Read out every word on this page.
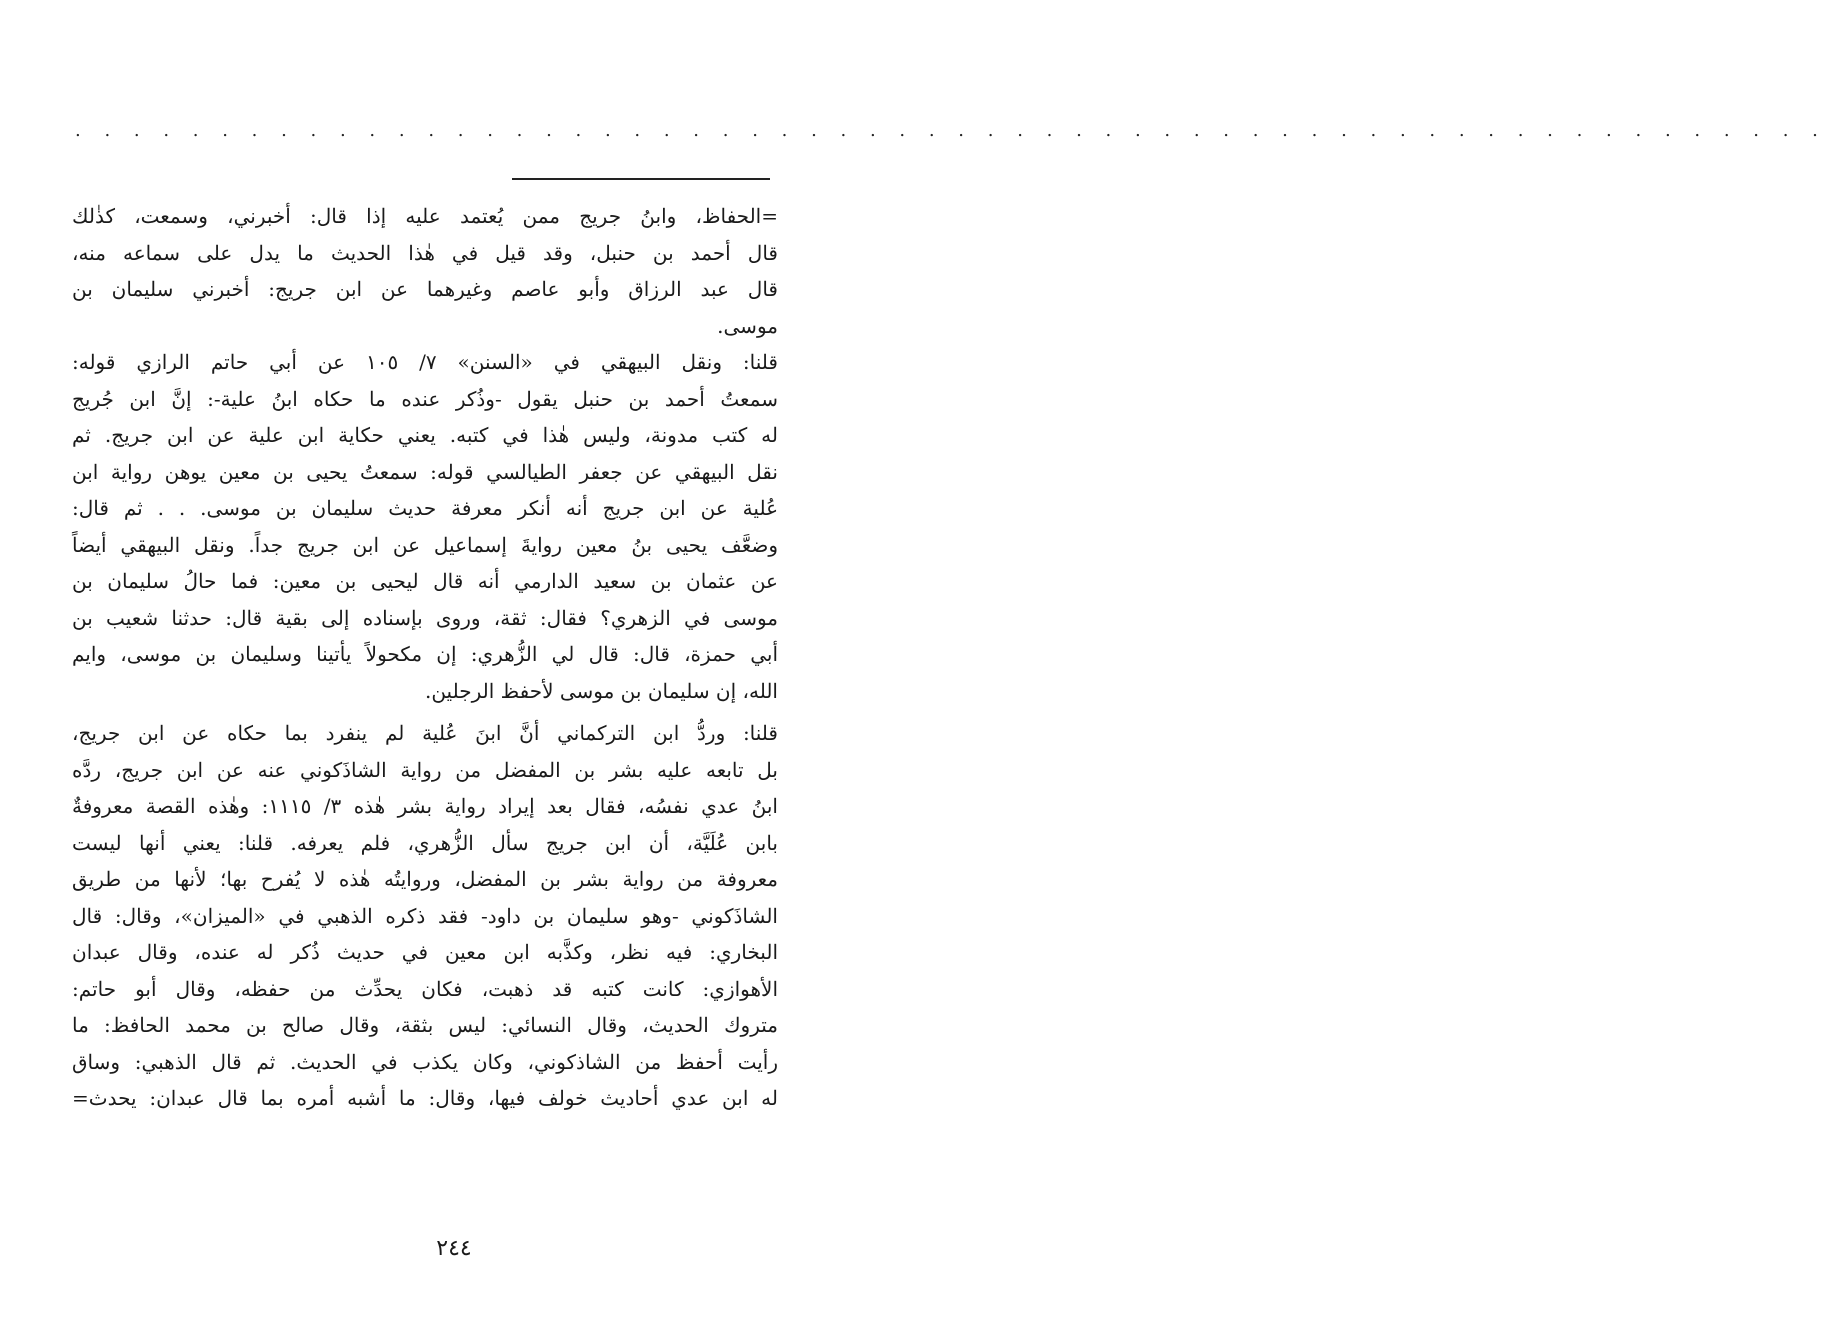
. . . . . . . . . . . . . . . . . . . . . . . . . . . . . . . . . . . . . . . . . . . . . . . . . . . . . . . . . . . .
=الحفاظ، وابنُ جريج ممن يُعتمد عليه إذا قال: أخبرني، وسمعت، كذٰلك
قال أحمد بن حنبل، وقد قيل في هٰذا الحديث ما يدل على سماعه منه،
قال عبد الرزاق وأبو عاصم وغيرهما عن ابن جريج: أخبرني سليمان بن
موسى.
قلنا: ونقل البيهقي في «السنن» ٧/ ١٠٥ عن أبي حاتم الرازي قوله:
سمعتُ أحمد بن حنبل يقول -وذُكر عنده ما حكاه ابنُ علية-: إنَّ ابن جُريج
له كتب مدونة، وليس هٰذا في كتبه. يعني حكاية ابن علية عن ابن جريج. ثم
نقل البيهقي عن جعفر الطيالسي قوله: سمعتُ يحيى بن معين يوهن رواية ابن
عُلية عن ابن جريج أنه أنكر معرفة حديث سليمان بن موسى. . . ثم قال:
وضعَّف يحيى بنُ معين روايةَ إسماعيل عن ابن جريج جداً. ونقل البيهقي أيضاً
عن عثمان بن سعيد الدارمي أنه قال ليحيى بن معين: فما حالُ سليمان بن
موسى في الزهري؟ فقال: ثقة، وروى بإسناده إلى بقية قال: حدثنا شعيب بن
أبي حمزة، قال: قال لي الزُّهري: إن مكحولاً يأتينا وسليمان بن موسى، وايم
الله، إن سليمان بن موسى لأحفظ الرجلين.
قلنا: وردُّ ابن التركماني أنَّ ابنَ عُلية لم ينفرد بما حكاه عن ابن جريج،
بل تابعه عليه بشر بن المفضل من رواية الشاذَكوني عنه عن ابن جريج، ردَّه
ابنُ عدي نفسُه، فقال بعد إيراد رواية بشر هٰذه ٣/ ١١١٥: وهٰذه القصة معروفةٌ
بابن عُلَيَّة، أن ابن جريج سأل الزُّهري، فلم يعرفه. قلنا: يعني أنها ليست
معروفة من رواية بشر بن المفضل، وروايتُه هٰذه لا يُفرح بها؛ لأنها من طريق
الشاذَكوني -وهو سليمان بن داود- فقد ذكره الذهبي في «الميزان»، وقال: قال
البخاري: فيه نظر، وكذَّبه ابن معين في حديث ذُكر له عنده، وقال عبدان
الأهوازي: كانت كتبه قد ذهبت، فكان يحدِّث من حفظه، وقال أبو حاتم:
متروك الحديث، وقال النسائي: ليس بثقة، وقال صالح بن محمد الحافظ: ما
رأيت أحفظ من الشاذكوني، وكان يكذب في الحديث. ثم قال الذهبي: وساق
له ابن عدي أحاديث خولف فيها، وقال: ما أشبه أمره بما قال عبدان: يحدث=
٢٤٤
